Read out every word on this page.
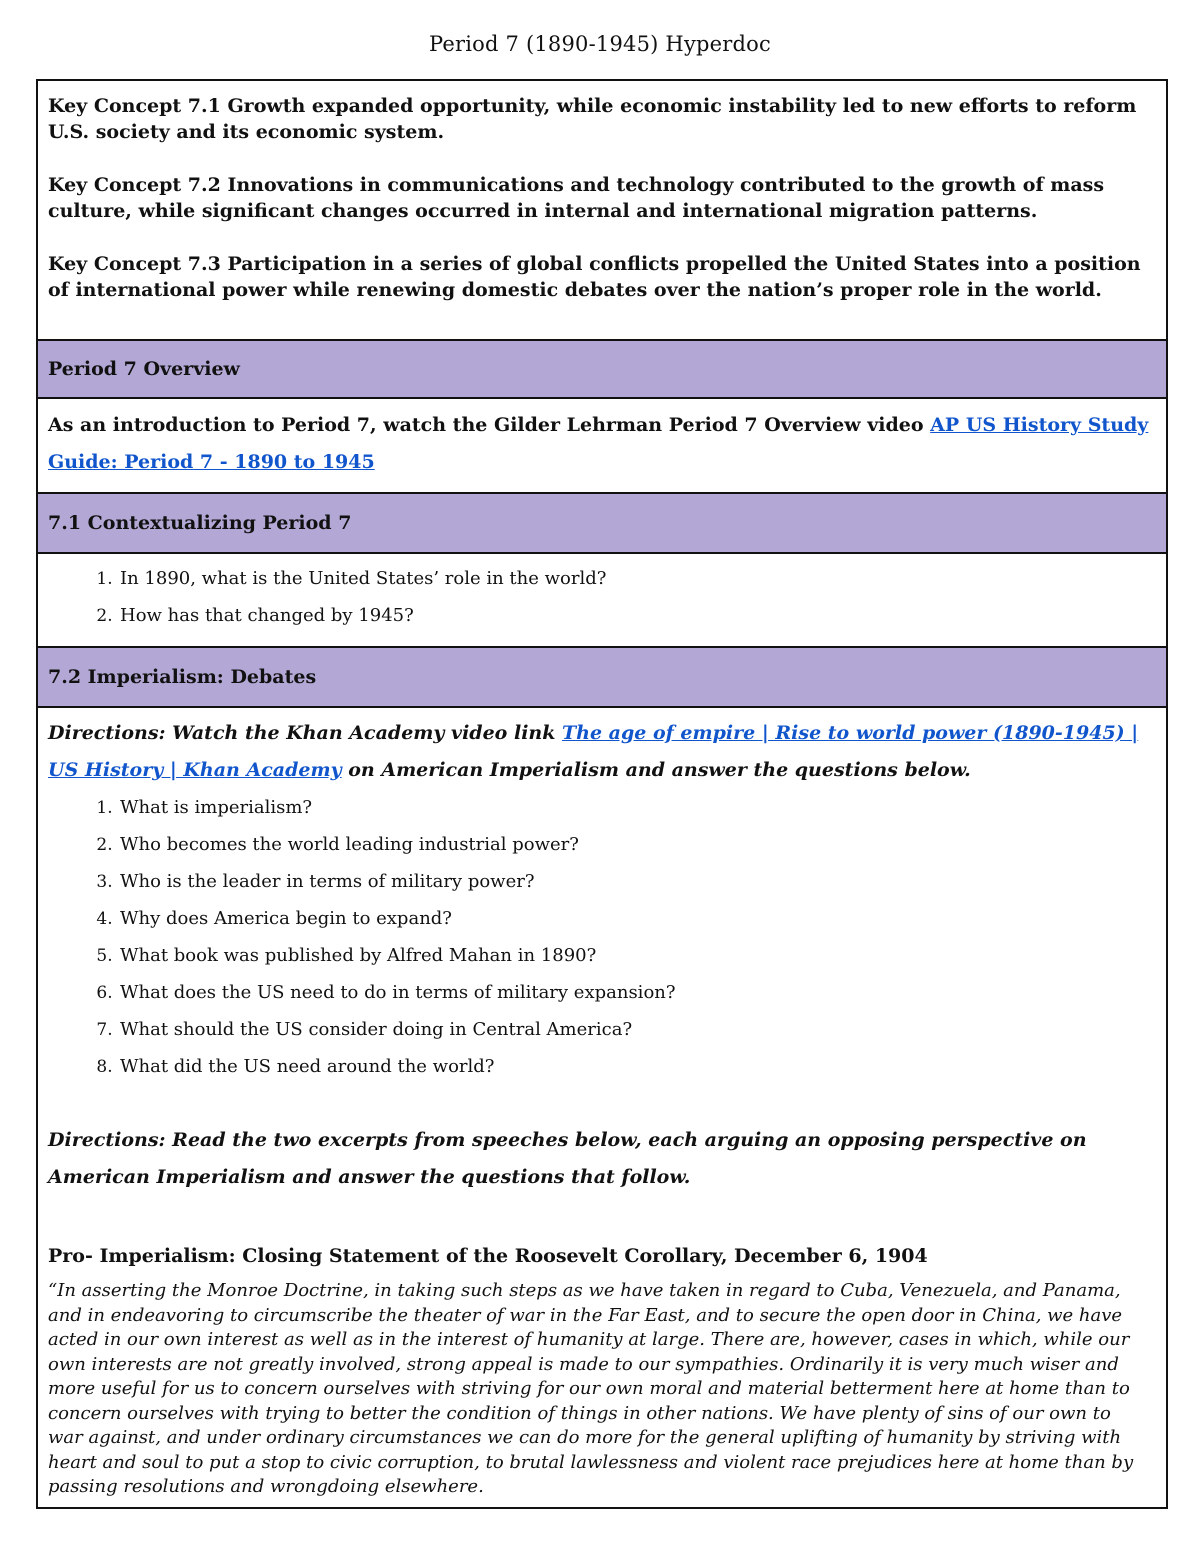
Period 7 (1890-1945) Hyperdoc

Key Concept 7.1 Growth expanded opportunity, while economic instability led to new efforts to reform U.S. society and its economic system.

Key Concept 7.2 Innovations in communications and technology contributed to the growth of mass culture, while significant changes occurred in internal and international migration patterns.

Key Concept 7.3 Participation in a series of global conflicts propelled the United States into a position of international power while renewing domestic debates over the nation’s proper role in the world.

Period 7 Overview
As an introduction to Period 7, watch the Gilder Lehrman Period 7 Overview video AP US History Study Guide: Period 7 - 1890 to 1945
7.1 Contextualizing Period 7
1. In 1890, what is the United States’ role in the world?
2. How has that changed by 1945?
7.2 Imperialism: Debates

Directions: Watch the Khan Academy video link The age of empire | Rise to world power (1890-1945) | US History | Khan Academy on American Imperialism and answer the questions below.

1. What is imperialism?
2. Who becomes the world leading industrial power?
3. Who is the leader in terms of military power?
4. Why does America begin to expand?
5. What book was published by Alfred Mahan in 1890?
6. What does the US need to do in terms of military expansion?
7. What should the US consider doing in Central America?
8. What did the US need around the world?

Directions: Read the two excerpts from speeches below, each arguing an opposing perspective on American Imperialism and answer the questions that follow.

Pro- Imperialism: Closing Statement of the Roosevelt Corollary, December 6, 1904
“In asserting the Monroe Doctrine, in taking such steps as we have taken in regard to Cuba, Venezuela, and Panama, and in endeavoring to circumscribe the theater of war in the Far East, and to secure the open door in China, we have acted in our own interest as well as in the interest of humanity at large. There are, however, cases in which, while our own interests are not greatly involved, strong appeal is made to our sympathies. Ordinarily it is very much wiser and more useful for us to concern ourselves with striving for our own moral and material betterment here at home than to concern ourselves with trying to better the condition of things in other nations. We have plenty of sins of our own to war against, and under ordinary circumstances we can do more for the general uplifting of humanity by striving with heart and soul to put a stop to civic corruption, to brutal lawlessness and violent race prejudices here at home than by passing resolutions and wrongdoing elsewhere.
